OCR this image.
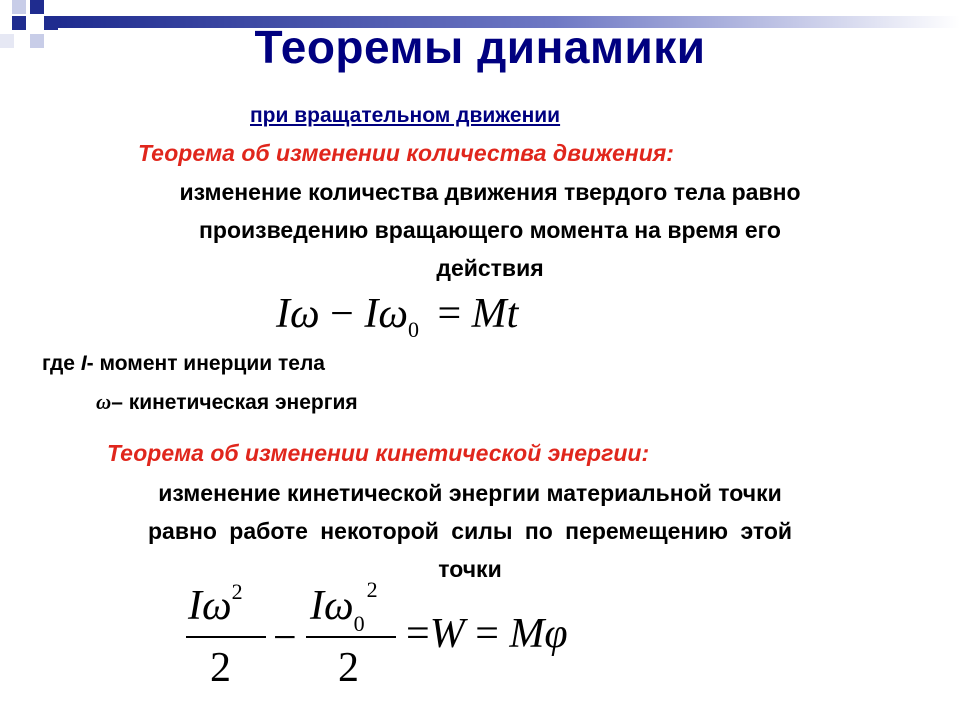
Теоремы динамики
при вращательном движении
Теорема об изменении количества движения:
изменение количества движения твердого тела равно
произведению вращающего момента на время его
действия
$I\omega - I\omega_0 = Mt$
где I- момент инерции тела
ω– кинетическая энергия
Теорема об изменении кинетической энергии:
изменение кинетической энергии материальной точки
равно работе некоторой силы по перемещению этой
точки
$I\omega^2$
2
−
$I\omega_0^2$
2
=W = Mφ
